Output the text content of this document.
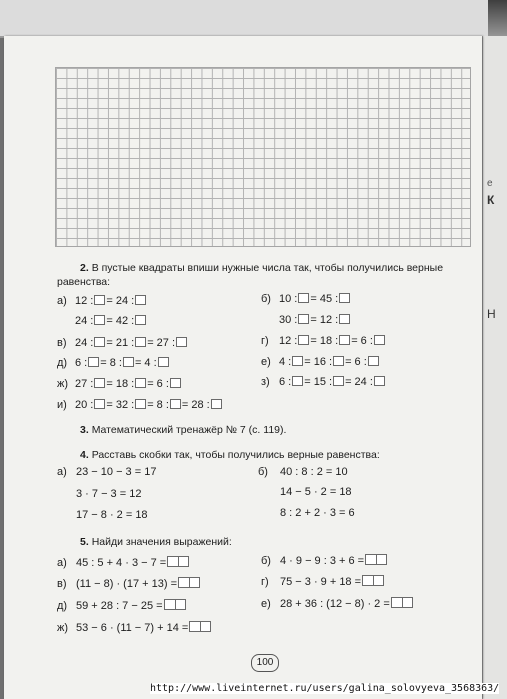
е
К
Н
2. В пустые квадраты впиши нужные числа так, чтобы получились верные
равенства:
а) 12 : = 24 :
24 : = 42 :
в) 24 : = 21 : = 27 :
д) 6 : = 8 : = 4 :
ж) 27 : = 18 : = 6 :
и) 20 : = 32 : = 8 : = 28 :
б) 10 : = 45 :
30 : = 12 :
г) 12 : = 18 : = 6 :
е) 4 : = 16 : = 6 :
з) 6 : = 15 : = 24 :
3. Математический тренажёр № 7 (с. 119).
4. Расставь скобки так, чтобы получились верные равенства:
а)	б)
23 − 10 − 3 = 17
3 · 7 − 3 = 12
17 − 8 · 2 = 18
40 : 8 : 2 = 10
14 − 5 · 2 = 18
8 : 2 + 2 · 3 = 6
5. Найди значения выражений:
а) 45 : 5 + 4 · 3 − 7 =
в) (11 − 8) · (17 + 13) =
д) 59 + 28 : 7 − 25 =
ж) 53 − 6 · (11 − 7) + 14 =
б) 4 · 9 − 9 : 3 + 6 =
г) 75 − 3 · 9 + 18 =
е) 28 + 36 : (12 − 8) · 2 =
100
http://www.liveinternet.ru/users/galina_solovyeva_3568363/
